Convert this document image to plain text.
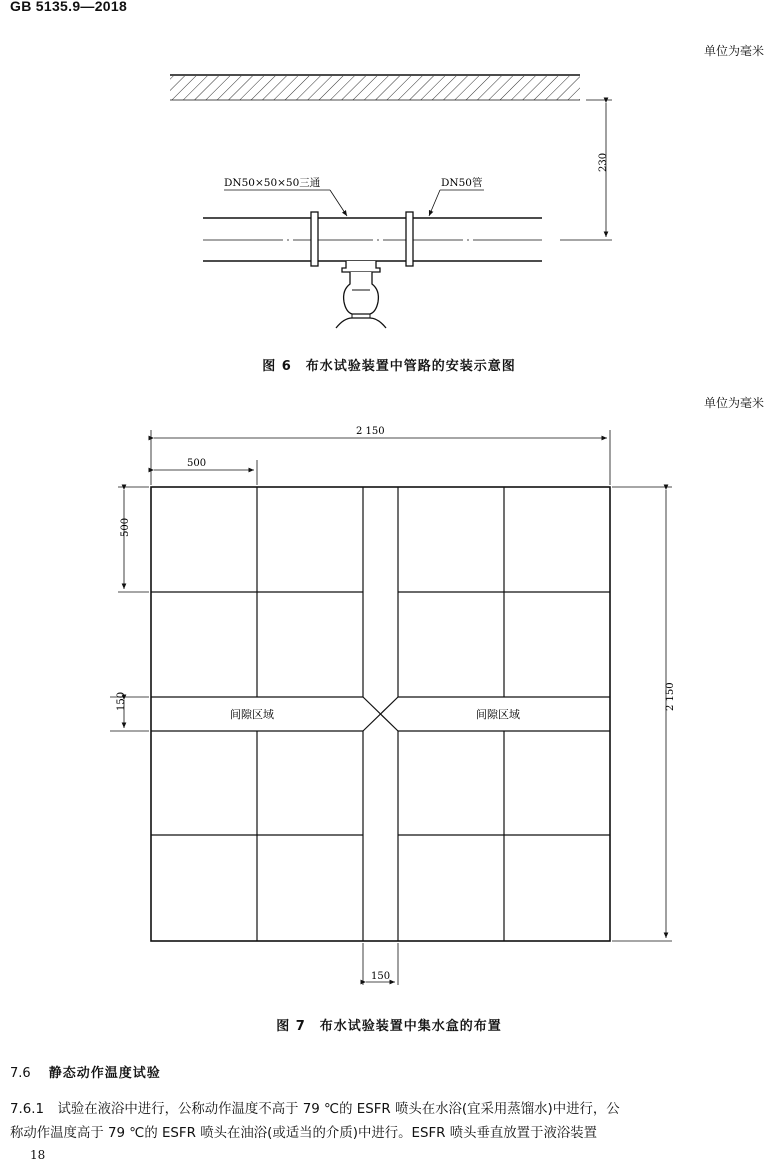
GB 5135.9—2018
单位为毫米
230
DN50×50×50三通	DN50管
图 6　布水试验装置中管路的安装示意图
单位为毫米
2 150
500
500
150	2 150
150
间隙区域	间隙区域
图 7　布水试验装置中集水盒的布置
7.6 静态动作温度试验
7.6.1　试验在液浴中进行，公称动作温度不高于 79 ℃的 ESFR 喷头在水浴(宜采用蒸馏水)中进行，公
称动作温度高于 79 ℃的 ESFR 喷头在油浴(或适当的介质)中进行。ESFR 喷头垂直放置于液浴装置
18
